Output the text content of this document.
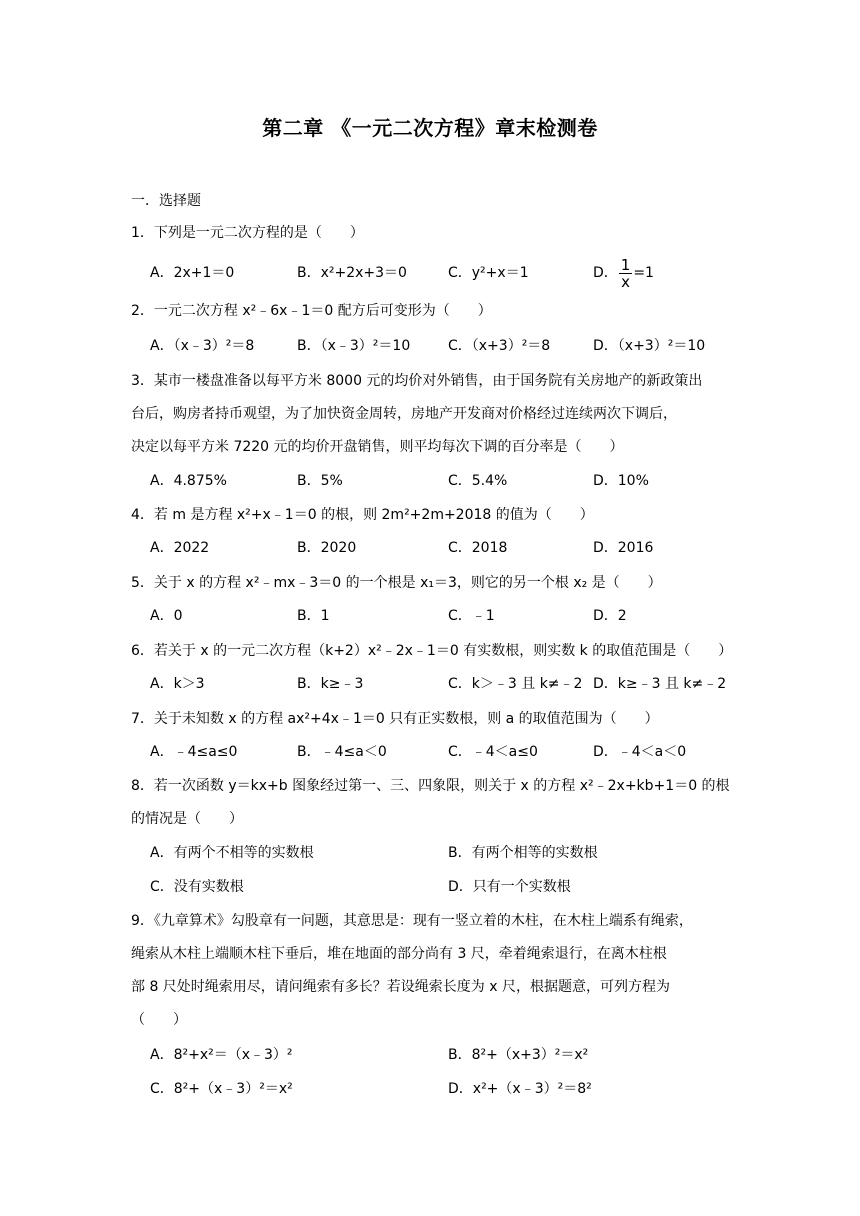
第二章 《一元二次方程》章末检测卷
一．选择题
1．下列是一元二次方程的是（　　）
A．2x+1＝0	B．x²+2x+3＝0	C．y²+x＝1	D． $\frac{1}{x} =1$
2．一元二次方程 x²﹣6x﹣1＝0 配方后可变形为（　　）
A．（x﹣3）²＝8	B．（x﹣3）²＝10	C．（x+3）²＝8	D．（x+3）²＝10
3．某市一楼盘准备以每平方米 8000 元的均价对外销售，由于国务院有关房地产的新政策出
台后，购房者持币观望，为了加快资金周转，房地产开发商对价格经过连续两次下调后，
决定以每平方米 7220 元的均价开盘销售，则平均每次下调的百分率是（　　）
A．4.875%	B．5%	C．5.4%	D．10%
4．若 m 是方程 x²+x﹣1＝0 的根，则 2m²+2m+2018 的值为（　　）
A．2022	B．2020	C．2018	D．2016
5．关于 x 的方程 x²﹣mx﹣3＝0 的一个根是 x₁＝3，则它的另一个根 x₂ 是（　　）
A．0	B．1	C．﹣1	D．2
6．若关于 x 的一元二次方程（k+2）x²﹣2x﹣1＝0 有实数根，则实数 k 的取值范围是（　　）
A．k＞3	B．k≥﹣3	C．k＞﹣3 且 k≠﹣2 D．k≥﹣3 且 k≠﹣2
7．关于未知数 x 的方程 ax²+4x﹣1＝0 只有正实数根，则 a 的取值范围为（　　）
A．﹣4≤a≤0	B．﹣4≤a＜0	C．﹣4＜a≤0	D．﹣4＜a＜0
8．若一次函数 y＝kx+b 图象经过第一、三、四象限，则关于 x 的方程 x²﹣2x+kb+1＝0 的根
的情况是（　　）
A．有两个不相等的实数根	B．有两个相等的实数根
C．没有实数根	D．只有一个实数根
9．《九章算术》勾股章有一问题，其意思是：现有一竖立着的木柱，在木柱上端系有绳索，
绳索从木柱上端顺木柱下垂后，堆在地面的部分尚有 3 尺，牵着绳索退行，在离木柱根
部 8 尺处时绳索用尽，请问绳索有多长？若设绳索长度为 x 尺，根据题意，可列方程为
（　　）
A．8²+x²＝（x﹣3）²	B．8²+（x+3）²＝x²
C．8²+（x﹣3）²＝x²	D．x²+（x﹣3）²＝8²
